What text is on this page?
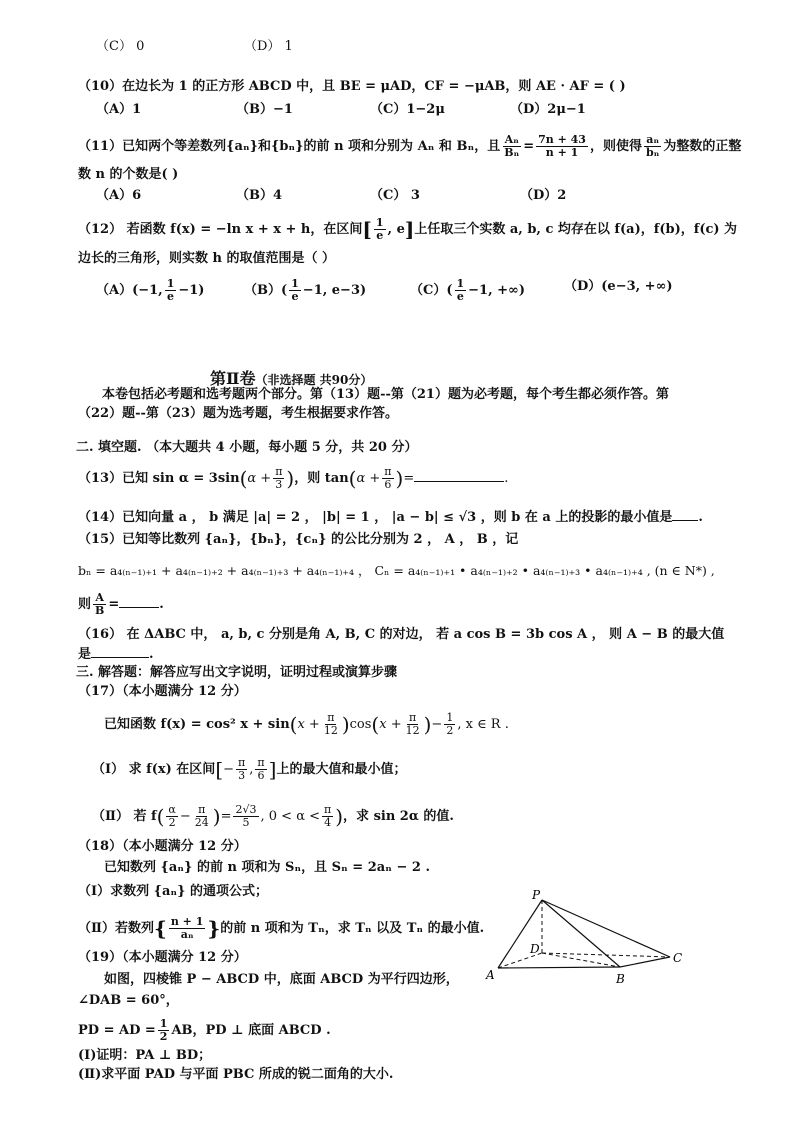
（C） 0	（D） 1
（10）在边长为 1 的正方形 ABCD 中，且 BE = μAD，CF = −μAB，则 AE · AF = ( )
（A）1	（B）−1	（C）1−2μ	（D）2μ−1
（11）已知两个等差数列{aₙ}和{bₙ}的前 n 项和分别为 Aₙ 和 Bₙ，且 $\frac{\text{Aₙ}}{\text{Bₙ}} = \frac{7n + 43}{n + 1}$ ，则使得 $\frac{\text{aₙ}}{\text{bₙ}}$ 为整数的正整
数 n 的个数是( )
（A）6	（B）4	（C） 3	（D）2
（12） 若函数 f(x) = −ln x + x + h，在区间[ $\frac{1}{e}$ , e]上任取三个实数 a, b, c 均存在以 f(a)，f(b)，f(c) 为
边长的三角形，则实数 h 的取值范围是（ ）
（A）(−1, $\frac{1}{e} -1$)	$(B)( \frac{1}{e} -1$, e−3)	$(C)( \frac{1}{e} -1$, +∞)	（D）(e−3, +∞)
第Ⅱ卷（非选择题 共90分）
本卷包括必考题和选考题两个部分。第（13）题--第（21）题为必考题，每个考生都必须作答。第
（22）题--第（23）题为选考题，考生根据要求作答。
二. 填空题. （本大题共 4 小题，每小题 5 分，共 20 分）
（13）已知 $\sin \alpha = 3\sin(\alpha + \frac{\pi}{3}$ )，则 $\tan(\alpha + \frac{\pi}{6}$ )=	.
（14）已知向量 a ， b 满足 |a| = 2 ， |b| = 1 ， |a − b| ≤ √3 ，则 b 在 a 上的投影的最小值是 .
（15）已知等比数列 {aₙ}，{bₙ}，{cₙ} 的公比分别为 2 ， A ， B ，记
bₙ = a₄₍ₙ₋₁₎₊₁ + a₄₍ₙ₋₁₎₊₂ + a₄₍ₙ₋₁₎₊₃ + a₄₍ₙ₋₁₎₊₄ ， Cₙ = a₄₍ₙ₋₁₎₊₁ • a₄₍ₙ₋₁₎₊₂ • a₄₍ₙ₋₁₎₊₃ • a₄₍ₙ₋₁₎₊₄ , (n ∈ N*) ,
则 $\frac{A}{B}$ =	.
（16） 在 ΔABC 中， a, b, c 分别是角 A, B, C 的对边， 若 a cos B = 3b cos A ， 则 A − B 的最大值
是	.
三. 解答题：解答应写出文字说明，证明过程或演算步骤
（17）（本小题满分 12 分）
已知函数 f(x) = cos² $x + \sin(x + \frac{\pi}{12} )\cos(x + \frac{\pi}{12}$ )− $\frac{1}{2}$ , x ∈ R .
（Ⅰ） 求 f(x) 在区间[− $\frac{\pi}{3}$ , $\frac{\pi}{6}$ ]上的最大值和最小值；
（Ⅱ） 若 $f( \frac{\alpha}{2} - \frac{\pi}{24}$ )= $\frac{2√3}{5}$ , $0 < \alpha < \frac{\pi}{4}$ )，求 sin 2α 的值.
（18）（本小题满分 12 分）
已知数列 {aₙ} 的前 n 项和为 Sₙ，且 Sₙ = 2aₙ − 2 .
（Ⅰ）求数列 {aₙ} 的通项公式；
（Ⅱ）若数列{ $\frac{n + 1}{\text{aₙ}}$ }的前 n 项和为 Tₙ，求 Tₙ 以及 Tₙ 的最小值.
（19）（本小题满分 12 分）
如图，四棱锥 P − ABCD 中，底面 ABCD 为平行四边形，
∠DAB = 60°，
PD = AD = $\frac{1}{2}$ AB，PD ⊥ 底面 ABCD .
(Ⅰ)证明：PA ⊥ BD；
(Ⅱ)求平面 PAD 与平面 PBC 所成的锐二面角的大小.
P
D
A	B
C
